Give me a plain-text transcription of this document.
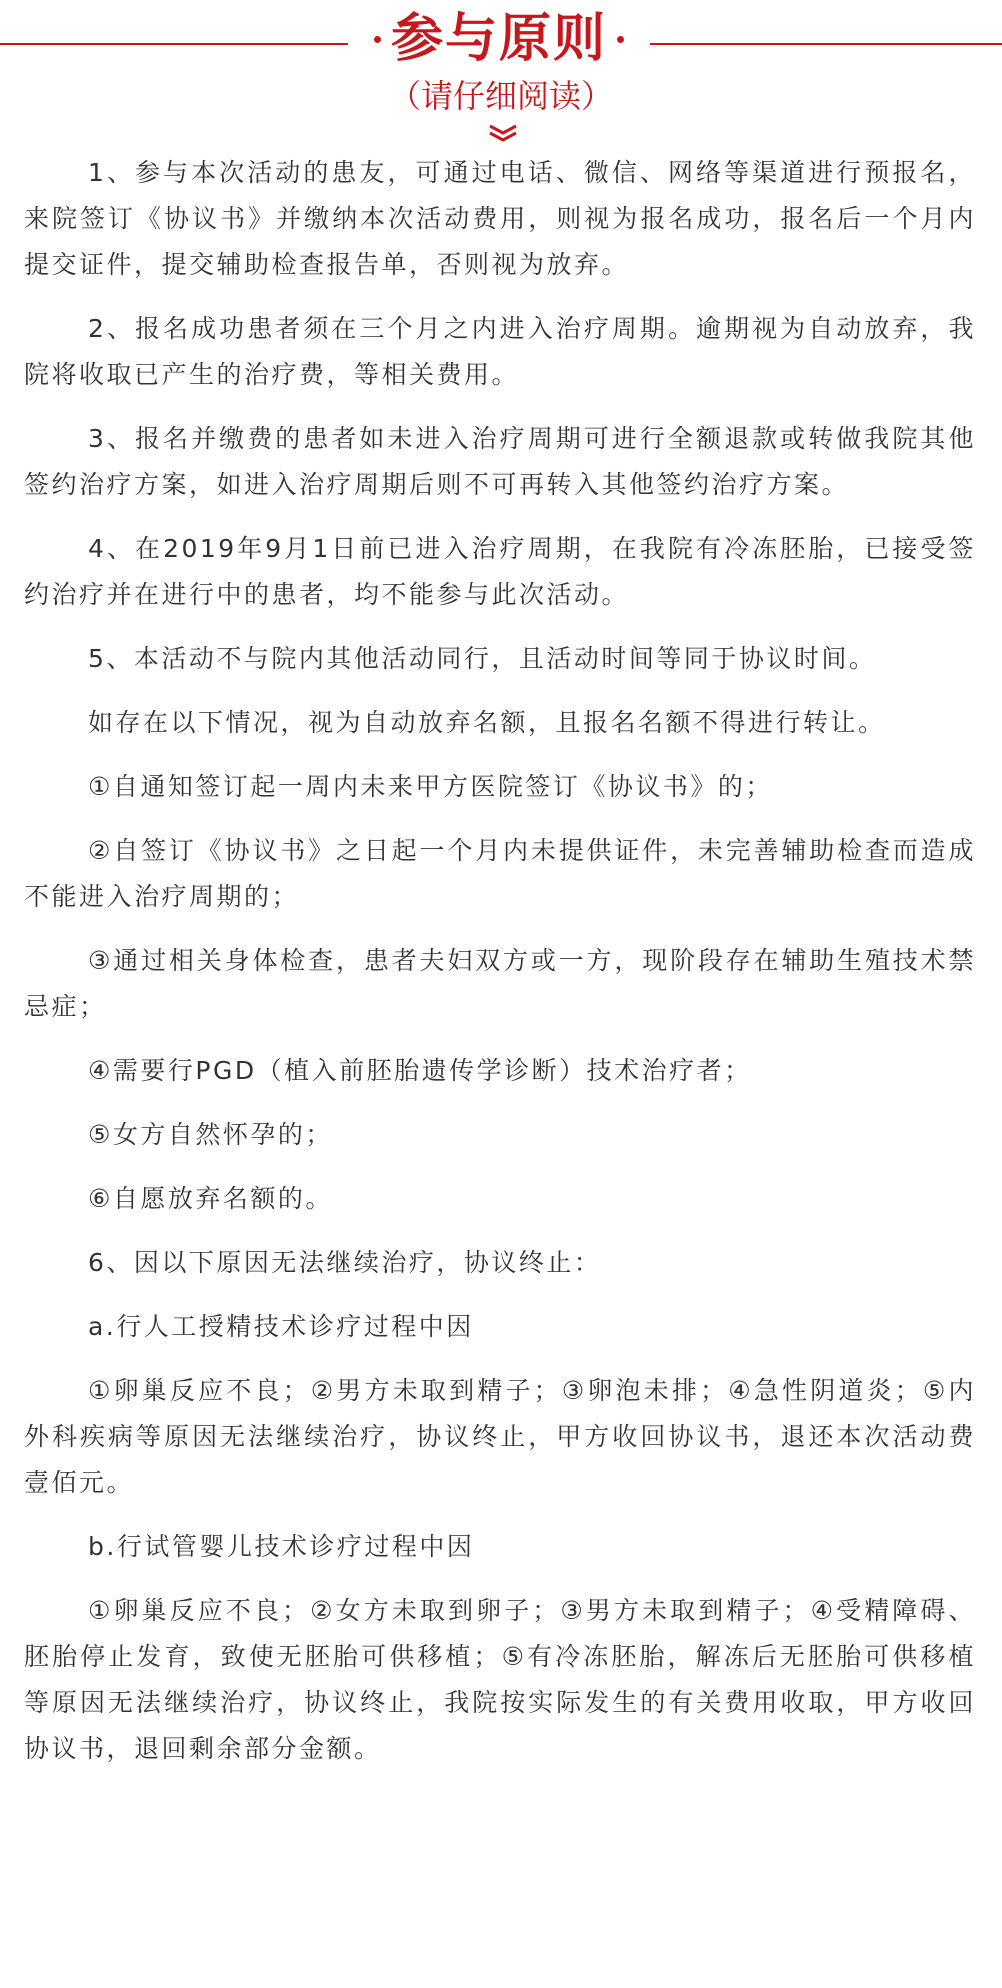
参与原则
（请仔细阅读）

1、参与本次活动的患友，可通过电话、微信、网络等渠道进行预报名，来院签订《协议书》并缴纳本次活动费用，则视为报名成功，报名后一个月内提交证件，提交辅助检查报告单，否则视为放弃。

2、报名成功患者须在三个月之内进入治疗周期。逾期视为自动放弃，我院将收取已产生的治疗费，等相关费用。

3、报名并缴费的患者如未进入治疗周期可进行全额退款或转做我院其他签约治疗方案，如进入治疗周期后则不可再转入其他签约治疗方案。

4、在2019年9月1日前已进入治疗周期，在我院有冷冻胚胎，已接受签约治疗并在进行中的患者，均不能参与此次活动。

5、本活动不与院内其他活动同行，且活动时间等同于协议时间。

如存在以下情况，视为自动放弃名额，且报名名额不得进行转让。

①自通知签订起一周内未来甲方医院签订《协议书》的；

②自签订《协议书》之日起一个月内未提供证件，未完善辅助检查而造成不能进入治疗周期的；

③通过相关身体检查，患者夫妇双方或一方，现阶段存在辅助生殖技术禁忌症；

④需要行PGD（植入前胚胎遗传学诊断）技术治疗者；

⑤女方自然怀孕的；

⑥自愿放弃名额的。

6、因以下原因无法继续治疗，协议终止：

a.行人工授精技术诊疗过程中因

①卵巢反应不良；②男方未取到精子；③卵泡未排；④急性阴道炎；⑤内外科疾病等原因无法继续治疗，协议终止，甲方收回协议书，退还本次活动费壹佰元。

b.行试管婴儿技术诊疗过程中因

①卵巢反应不良；②女方未取到卵子；③男方未取到精子；④受精障碍、胚胎停止发育，致使无胚胎可供移植；⑤有冷冻胚胎，解冻后无胚胎可供移植等原因无法继续治疗，协议终止，我院按实际发生的有关费用收取，甲方收回协议书，退回剩余部分金额。
